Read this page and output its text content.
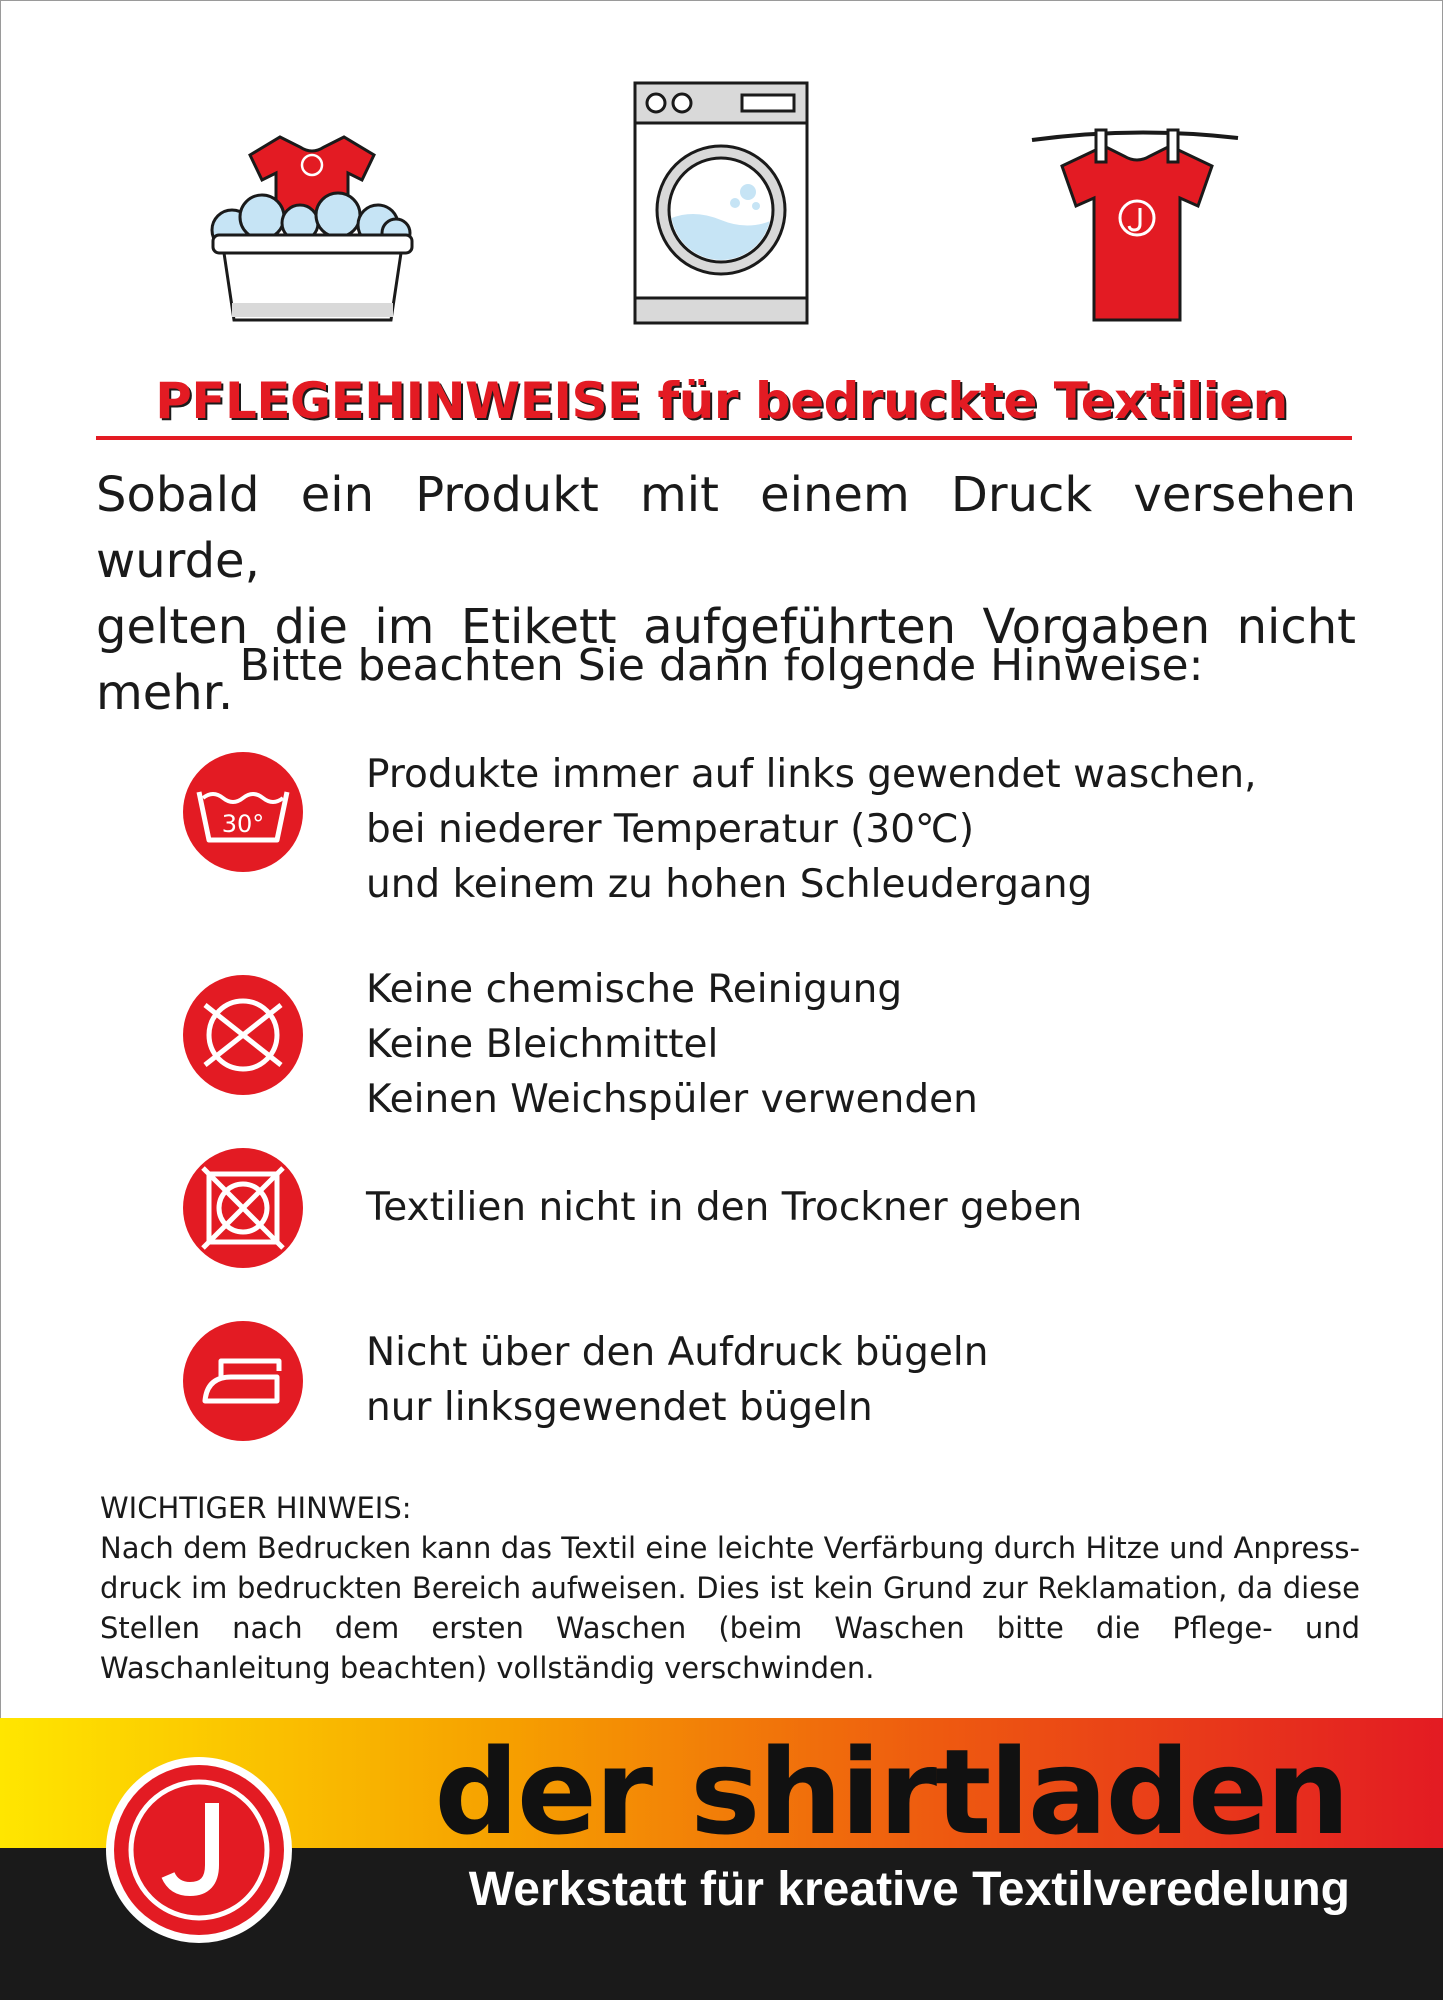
PFLEGEHINWEISE für bedruckte Textilien
Sobald ein Produkt mit einem Druck versehen wurde,
gelten die im Etikett aufgeführten Vorgaben nicht mehr. Bitte beachten Sie dann folgende Hinweise:
30°
Produkte immer auf links gewendet waschen,
bei niederer Temperatur (30℃)
und keinem zu hohen Schleudergang
Keine chemische Reinigung
Keine Bleichmittel
Keinen Weichspüler verwenden
Textilien nicht in den Trockner geben
Nicht über den Aufdruck bügeln
nur linksgewendet bügeln
WICHTIGER HINWEIS:
Nach dem Bedrucken kann das Textil eine leichte Verfärbung durch Hitze und Anpress- druck im bedruckten Bereich aufweisen. Dies ist kein Grund zur Reklamation, da diese Stellen nach dem ersten Waschen (beim Waschen bitte die Pflege- und Waschanleitung beachten) vollständig verschwinden.
der shirtladen
Werkstatt für kreative Textilveredelung
